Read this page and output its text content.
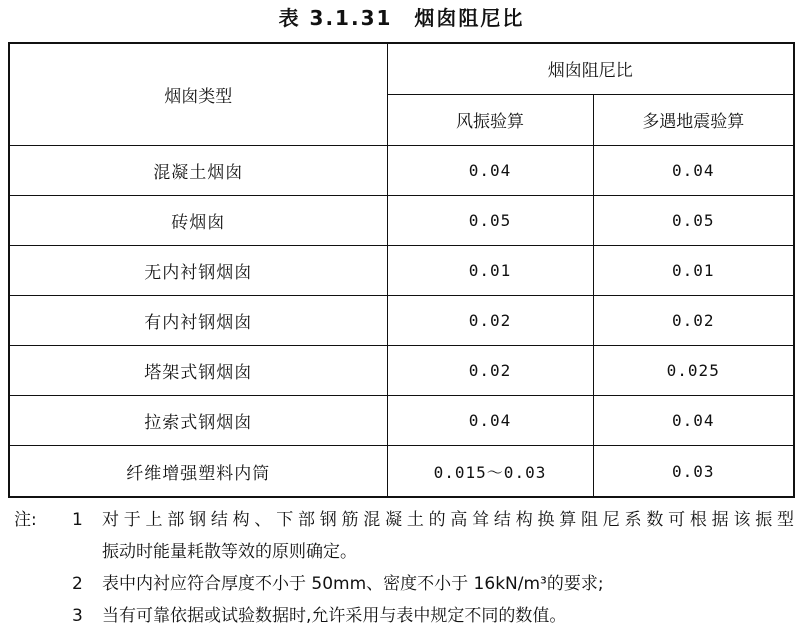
表 3.1.31 烟囱阻尼比
烟囱类型	烟囱阻尼比	
	风振验算	多遇地震验算
混凝土烟囱	0.04	0.04
砖烟囱	0.05	0.05
无内衬钢烟囱	0.01	0.01
有内衬钢烟囱	0.02	0.02
塔架式钢烟囱	0.02	0.025
拉索式钢烟囱	0.04	0.04
纤维增强塑料内筒	0.015～0.03	0.03
注:	1	对于上部钢结构、下部钢筋混凝土的高耸结构换算阻尼系数可根据该振型
振动时能量耗散等效的原则确定。
2	表中内衬应符合厚度不小于 50mm、密度不小于 16kN/m³的要求;
3	当有可靠依据或试验数据时,允许采用与表中规定不同的数值。
